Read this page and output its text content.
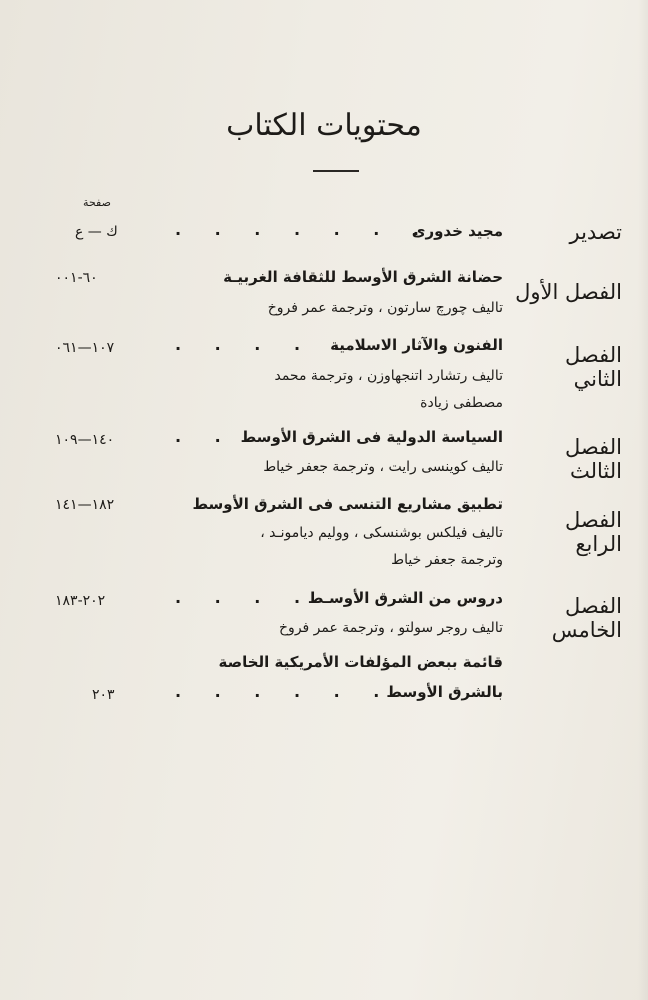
محتويات الكتاب
صفحة
تصدير
مجيد خدورى
. . . . . . .
ك — ع
الفصل الأول
حضانة الشرق الأوسط للثقافة الغربيـة
٦٠-٠٠١
تاليف چورچ سارتون ، وترجمة عمر فروخ
الفصل الثاني
الفنون والآثار الاسلامية
. . . . .
١٠٧—٠٦١
تاليف رتشارد اتنجهاوزن ، وترجمة محمد
مصطفى زيادة
الفصل الثالث
السياسة الدولية فى الشرق الأوسط
. .
١٤٠—١٠٩
تاليف كوينسى رايت ، وترجمة جعفر خياط
الفصل الرابع
تطبيق مشاريع التنسى فى الشرق الأوسط
١٨٢—١٤١
تاليف فيلكس بوشنسكى ، ووليم ديامونـد ،
وترجمة جعفر خياط
الفصل الخامس
دروس من الشرق الأوسـط
. . . .
٢٠٢-١٨٣
تاليف روجر سولتو ، وترجمة عمر فروخ
قائمة ببعض المؤلفات الأمريكية الخاصة
بالشرق الأوسط
. . . . . .
٢٠٣
